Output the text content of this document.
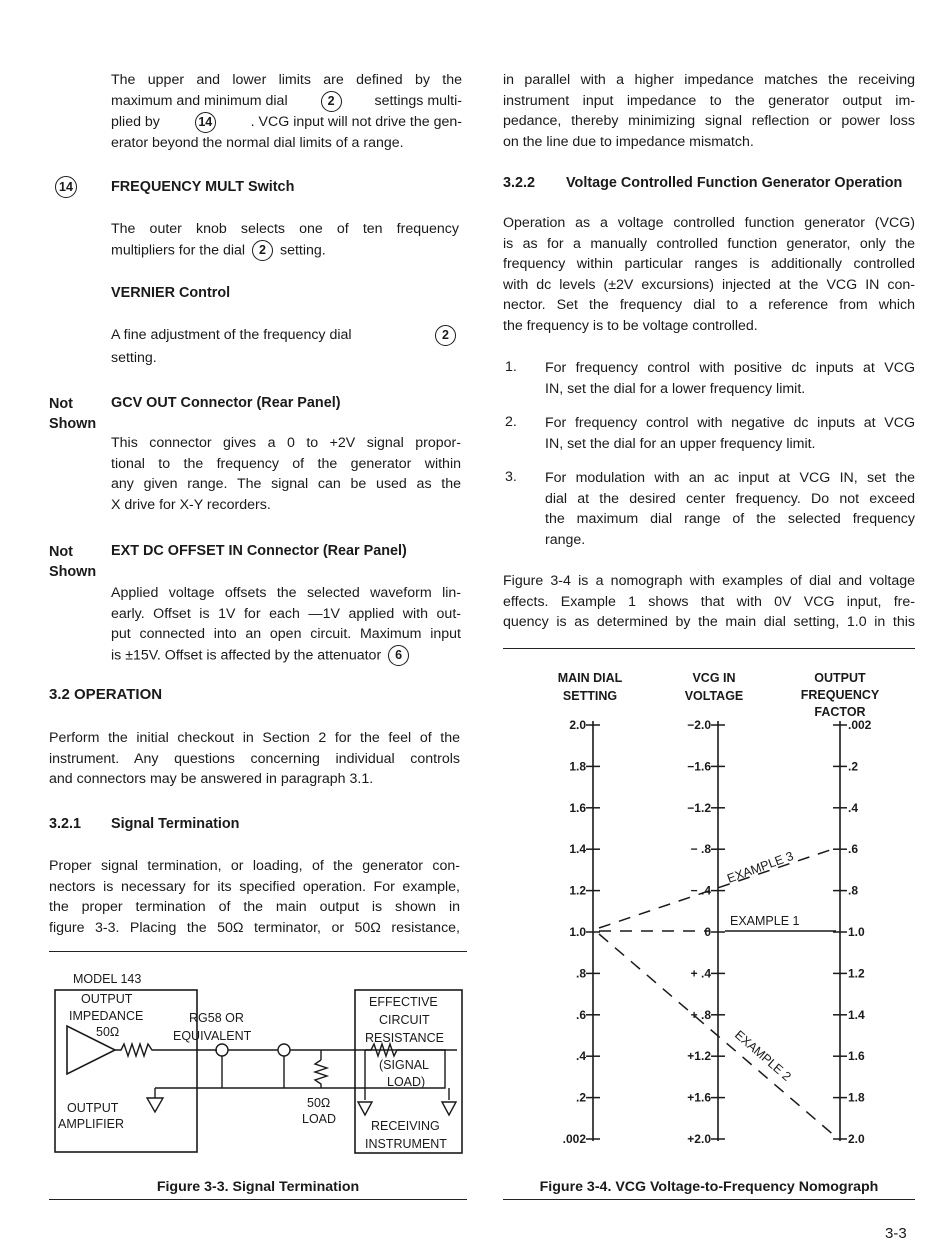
The upper and lower limits are defined by the

maximum and minimum dial	2	settings multi-

plied by	14	. VCG input will not drive the gen-

erator beyond the normal dial limits of a range.

14	FREQUENCY MULT Switch

The outer knob selects one of ten frequency

multipliers for the dial 2 setting.

VERNIER Control

A fine adjustment of the frequency dial	2

setting.

Not
Shown
GCV OUT Connector (Rear Panel)

This connector gives a 0 to +2V signal propor-

tional to the frequency of the generator within

any given range. The signal can be used as the

X drive for X-Y recorders.

Not
Shown
EXT DC OFFSET IN Connector (Rear Panel)

Applied voltage offsets the selected waveform lin-

early. Offset is 1V for each —1V applied with out-

put connected into an open circuit. Maximum input

is ±15V. Offset is affected by the attenuator 6

3.2 OPERATION

Perform the initial checkout in Section 2 for the feel of the

instrument. Any questions concerning individual controls

and connectors may be answered in paragraph 3.1.

3.2.1 Signal Termination

Proper signal termination, or loading, of the generator con-

nectors is necessary for its specified operation. For example,

the proper termination of the main output is shown in

figure 3-3. Placing the 50Ω terminator, or 50Ω resistance,

MODEL 143
OUTPUT
IMPEDANCE
50Ω
OUTPUT
AMPLIFIER
RG58 OR
EQUIVALENT
50Ω
LOAD
EFFECTIVE
CIRCUIT
RESISTANCE
(SIGNAL
LOAD)
RECEIVING
INSTRUMENT
Figure 3-3. Signal Termination

in parallel with a higher impedance matches the receiving

instrument input impedance to the generator output im-

pedance, thereby minimizing signal reflection or power loss

on the line due to impedance mismatch.

3.2.2 Voltage Controlled Function Generator Operation

Operation as a voltage controlled function generator (VCG)

is as for a manually controlled function generator, only the

frequency within particular ranges is additionally controlled

with dc levels (±2V excursions) injected at the VCG IN con-

nector. Set the frequency dial to a reference from which

the frequency is to be voltage controlled.

1. For frequency control with positive dc inputs at VCG

IN, set the dial for a lower frequency limit.

2. For frequency control with negative dc inputs at VCG

IN, set the dial for an upper frequency limit.

3. For modulation with an ac input at VCG IN, set the

dial at the desired center frequency. Do not exceed

the maximum dial range of the selected frequency

range.

Figure 3-4 is a nomograph with examples of dial and voltage

effects. Example 1 shows that with 0V VCG input, fre-

quency is as determined by the main dial setting, 1.0 in this

MAIN DIAL
SETTING
VCG IN
VOLTAGE
OUTPUT
FREQUENCY
FACTOR
2.0
1.8
1.6
1.4
1.2
1.0
.8
.6
.4
.2
.002
−2.0
−1.6
−1.2
− .8
− .4
0
+ .4
+ .8
+1.2
+1.6
+2.0
.002
.2
.4
.6
.8
1.0
1.2
1.4
1.6
1.8
2.0
EXAMPLE 1
EXAMPLE 3
EXAMPLE 2
Figure 3-4. VCG Voltage-to-Frequency Nomograph
3-3
